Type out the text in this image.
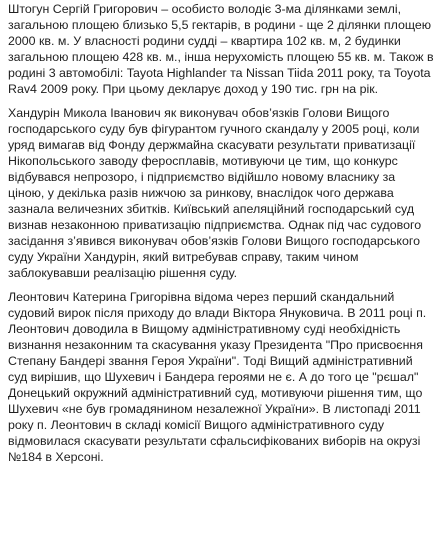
Штогун Сергій Григорович – особисто володіє 3-ма ділянками землі, загальною площею близько 5,5 гектарів, в родини - ще 2 ділянки площею 2000 кв. м. У власності родини судді – квартира 102 кв. м, 2 будинки загальною площею 428 кв. м., інша нерухомість площею 55 кв. м. Також в родині 3 автомобілі: Tayota Highlander та Nissan Tiida 2011 року, та Toyota Rav4 2009 року. При цьому декларує доход у 190 тис. грн на рік.

Хандурін Микола Іванович як виконувач обов’язків Голови Вищого господарського суду був фігурантом гучного скандалу у 2005 році, коли уряд вимагав від Фонду держмайна скасувати результати приватизації Нікопольського заводу феросплавів, мотивуючи це тим, що конкурс відбувався непрозоро, і підприємство відійшло новому власнику за ціною, у декілька разів нижчою за ринкову, внаслідок чого держава зазнала величезних збитків. Київський апеляційний господарський суд визнав незаконною приватизацію підприємства. Однак під час судового засідання з’явився виконувач обов’язків Голови Вищого господарського суду України Хандурін, який витребував справу, таким чином заблокувавши реалізацію рішення суду.

Леонтович Катерина Григорівна відома через перший скандальний судовий вирок після приходу до влади Віктора Януковича. В 2011 році п. Леонтович доводила в Вищому адміністративному суді необхідність визнання незаконним та скасування указу Президента "Про присвоєння Степану Бандері звання Героя України". Тоді Вищий адміністративний суд вирішив, що Шухевич і Бандера героями не є. А до того це "рєшал" Донецький окружний адміністративний суд, мотивуючи рішення тим, що Шухевич «не був громадянином незалежної України». В листопаді 2011 року п. Леонтович в складі комісії Вищого адміністративного суду відмовилася скасувати результати сфальсифікованих виборів на окрузі №184 в Херсоні.
